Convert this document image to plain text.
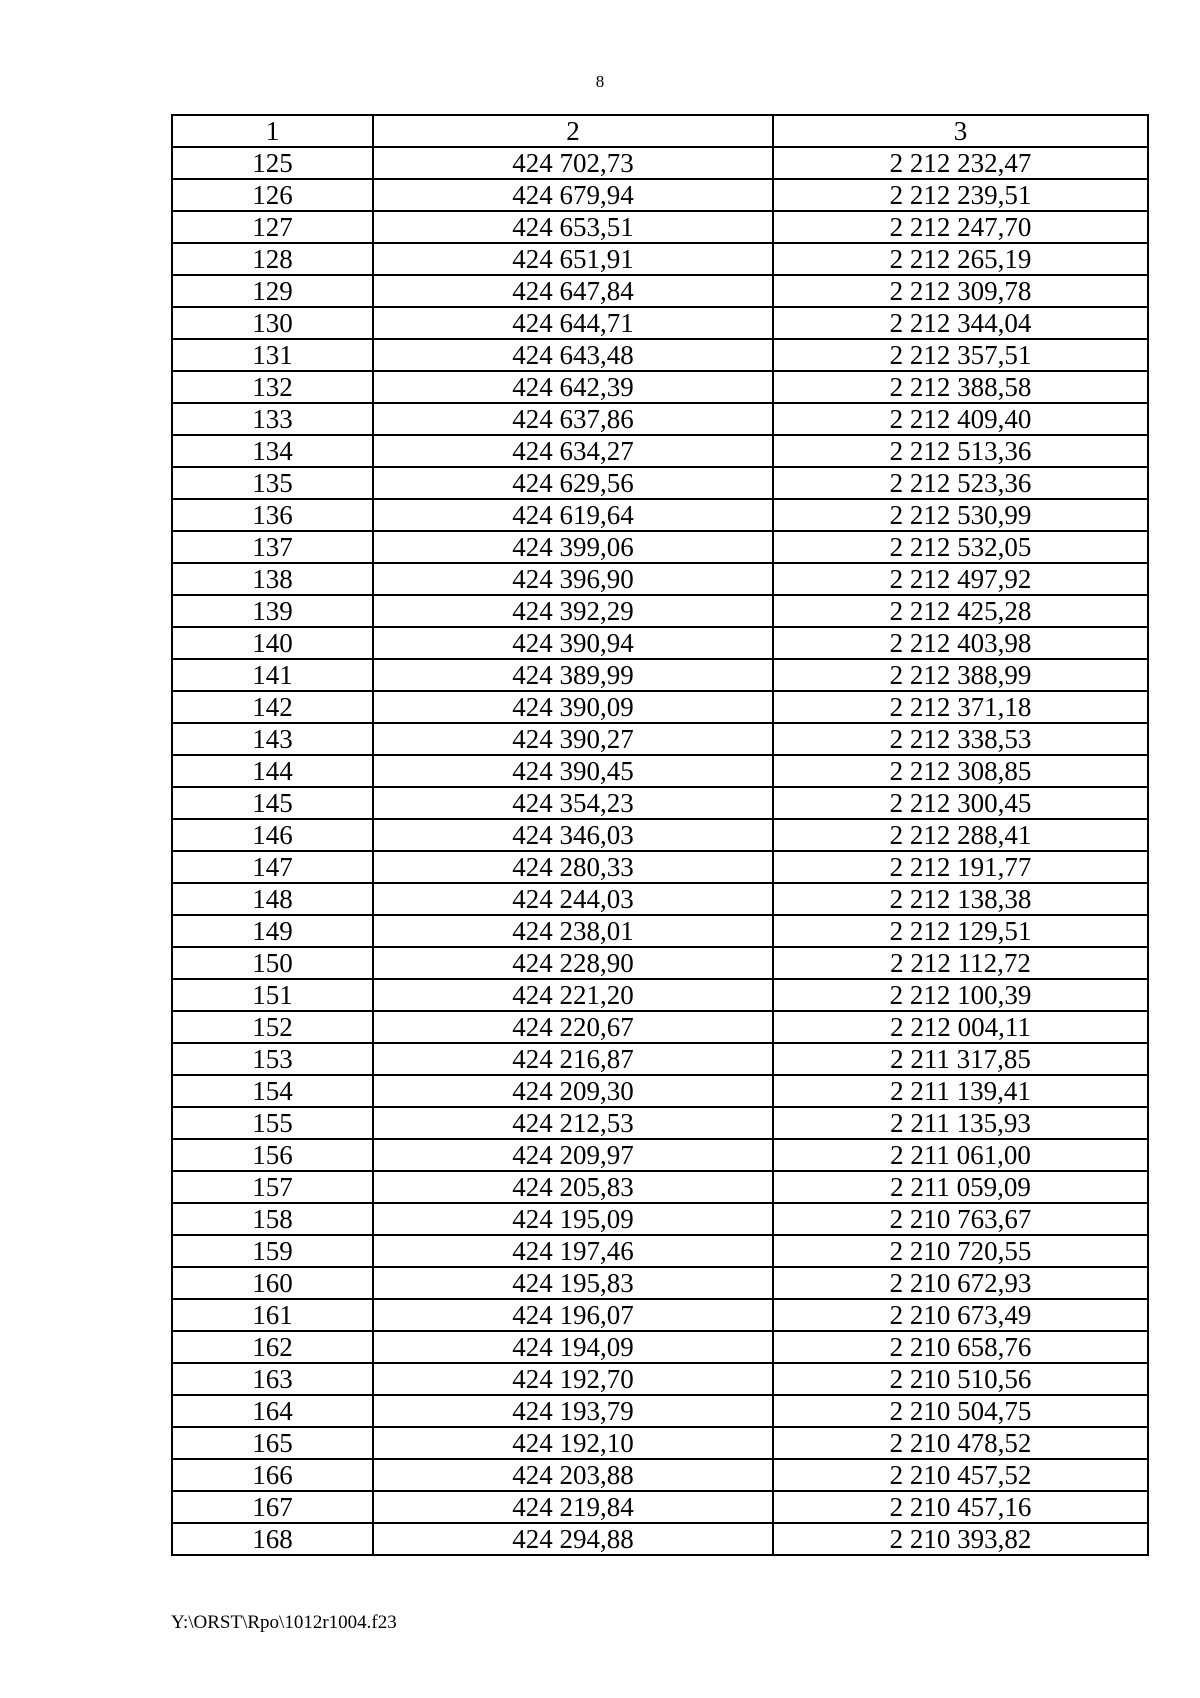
8
1	2	3
125	424 702,73	2 212 232,47
126	424 679,94	2 212 239,51
127	424 653,51	2 212 247,70
128	424 651,91	2 212 265,19
129	424 647,84	2 212 309,78
130	424 644,71	2 212 344,04
131	424 643,48	2 212 357,51
132	424 642,39	2 212 388,58
133	424 637,86	2 212 409,40
134	424 634,27	2 212 513,36
135	424 629,56	2 212 523,36
136	424 619,64	2 212 530,99
137	424 399,06	2 212 532,05
138	424 396,90	2 212 497,92
139	424 392,29	2 212 425,28
140	424 390,94	2 212 403,98
141	424 389,99	2 212 388,99
142	424 390,09	2 212 371,18
143	424 390,27	2 212 338,53
144	424 390,45	2 212 308,85
145	424 354,23	2 212 300,45
146	424 346,03	2 212 288,41
147	424 280,33	2 212 191,77
148	424 244,03	2 212 138,38
149	424 238,01	2 212 129,51
150	424 228,90	2 212 112,72
151	424 221,20	2 212 100,39
152	424 220,67	2 212 004,11
153	424 216,87	2 211 317,85
154	424 209,30	2 211 139,41
155	424 212,53	2 211 135,93
156	424 209,97	2 211 061,00
157	424 205,83	2 211 059,09
158	424 195,09	2 210 763,67
159	424 197,46	2 210 720,55
160	424 195,83	2 210 672,93
161	424 196,07	2 210 673,49
162	424 194,09	2 210 658,76
163	424 192,70	2 210 510,56
164	424 193,79	2 210 504,75
165	424 192,10	2 210 478,52
166	424 203,88	2 210 457,52
167	424 219,84	2 210 457,16
168	424 294,88	2 210 393,82
Y:\ORST\Rpo\1012r1004.f23
